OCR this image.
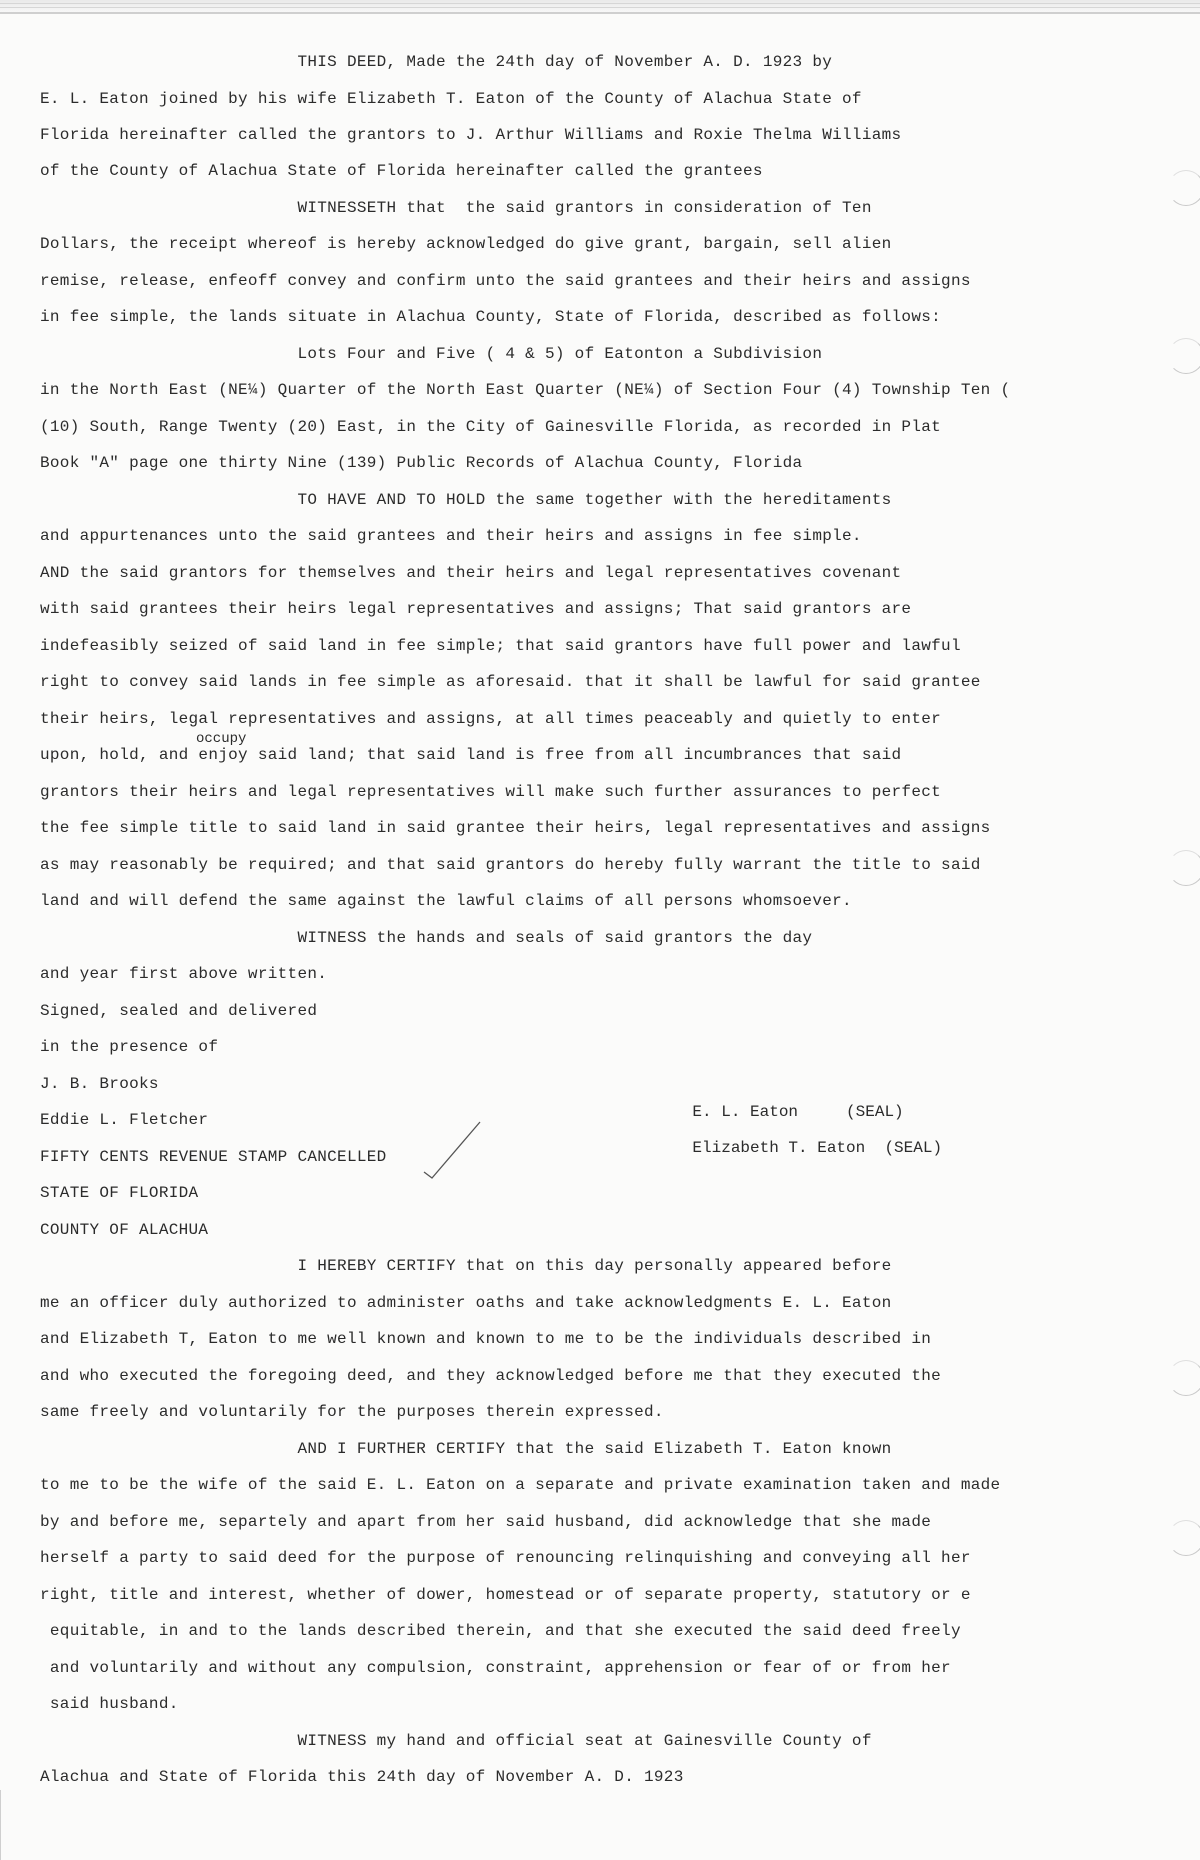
THIS DEED, Made the 24th day of November A. D. 1923 by
E. L. Eaton joined by his wife Elizabeth T. Eaton of the County of Alachua State of
Florida hereinafter called the grantors to J. Arthur Williams and Roxie Thelma Williams
of the County of Alachua State of Florida hereinafter called the grantees
WITNESSETH that  the said grantors in consideration of Ten
Dollars, the receipt whereof is hereby acknowledged do give grant, bargain, sell alien
remise, release, enfeoff convey and confirm unto the said grantees and their heirs and assigns
in fee simple, the lands situate in Alachua County, State of Florida, described as follows:
Lots Four and Five ( 4 & 5) of Eatonton a Subdivision
in the North East (NE¼) Quarter of the North East Quarter (NE¼) of Section Four (4) Township Ten (
(10) South, Range Twenty (20) East, in the City of Gainesville Florida, as recorded in Plat
Book "A" page one thirty Nine (139) Public Records of Alachua County, Florida
TO HAVE AND TO HOLD the same together with the hereditaments
and appurtenances unto the said grantees and their heirs and assigns in fee simple.
AND the said grantors for themselves and their heirs and legal representatives covenant
with said grantees their heirs legal representatives and assigns; That said grantors are
indefeasibly seized of said land in fee simple; that said grantors have full power and lawful
right to convey said lands in fee simple as aforesaid. that it shall be lawful for said grantee
their heirs, legal representatives and assigns, at all times peaceably and quietly to enter
upon, hold, and enjoy said land; that said land is free from all incumbrances that said
grantors their heirs and legal representatives will make such further assurances to perfect
the fee simple title to said land in said grantee their heirs, legal representatives and assigns
as may reasonably be required; and that said grantors do hereby fully warrant the title to said
land and will defend the same against the lawful claims of all persons whomsoever.
WITNESS the hands and seals of said grantors the day
and year first above written.
Signed, sealed and delivered
in the presence of
J. B. Brooks
Eddie L. Fletcher
FIFTY CENTS REVENUE STAMP CANCELLED
STATE OF FLORIDA
COUNTY OF ALACHUA
I HEREBY CERTIFY that on this day personally appeared before
me an officer duly authorized to administer oaths and take acknowledgments E. L. Eaton
and Elizabeth T, Eaton to me well known and known to me to be the individuals described in
and who executed the foregoing deed, and they acknowledged before me that they executed the
same freely and voluntarily for the purposes therein expressed.
AND I FURTHER CERTIFY that the said Elizabeth T. Eaton known
to me to be the wife of the said E. L. Eaton on a separate and private examination taken and made
by and before me, separtely and apart from her said husband, did acknowledge that she made
herself a party to said deed for the purpose of renouncing relinquishing and conveying all her
right, title and interest, whether of dower, homestead or of separate property, statutory or e
equitable, in and to the lands described therein, and that she executed the said deed freely
and voluntarily and without any compulsion, constraint, apprehension or fear of or from her
said husband.
WITNESS my hand and official seat at Gainesville County of
Alachua and State of Florida this 24th day of November A. D. 1923

E. L. Eaton	(SEAL)

Elizabeth T. Eaton (SEAL)

occupy
